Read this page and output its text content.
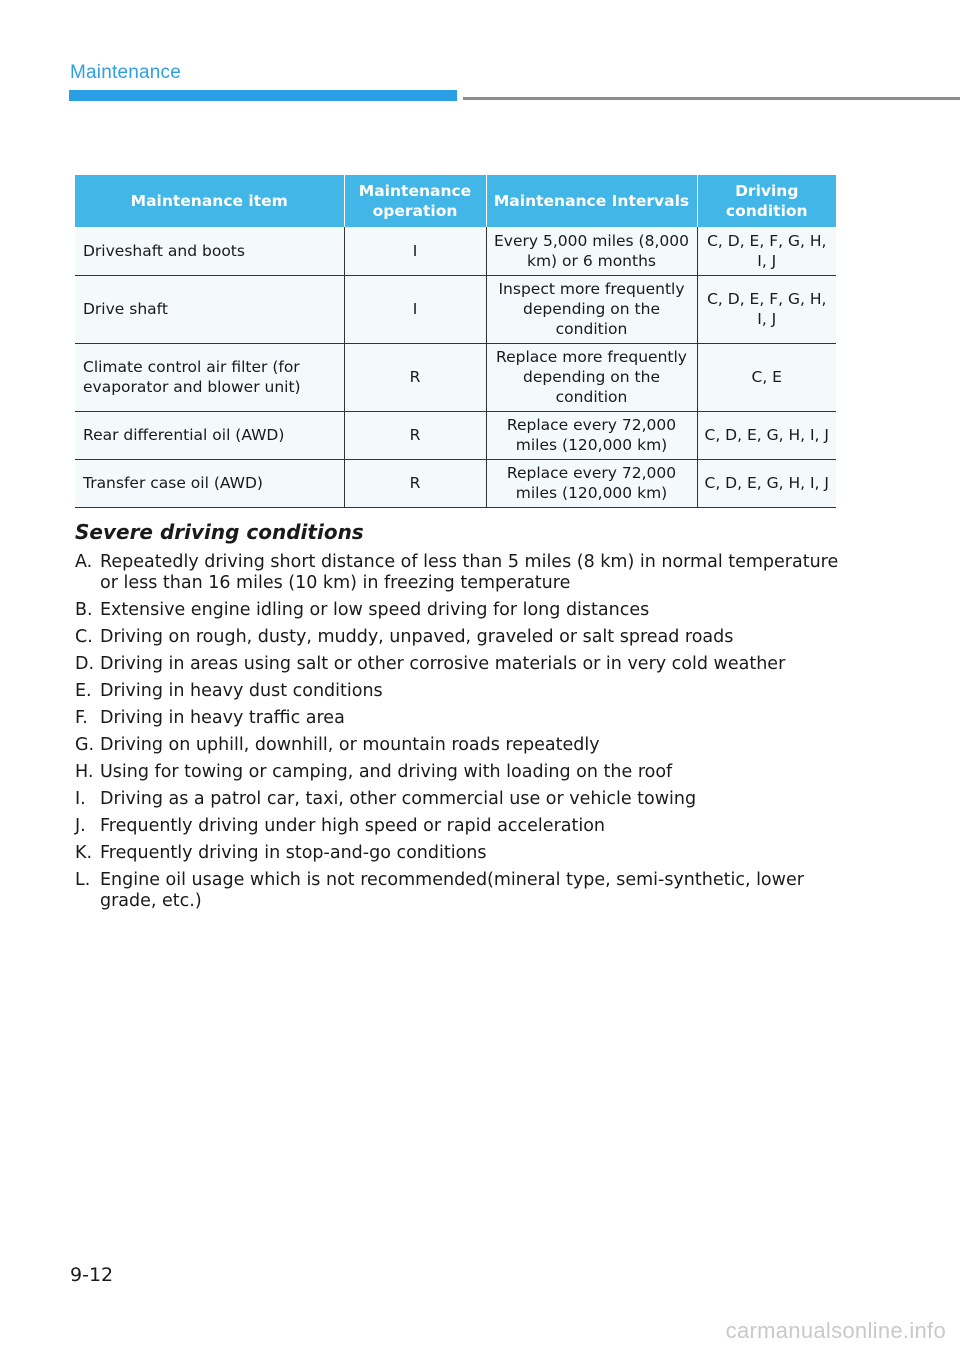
Maintenance
Maintenance item	Maintenance operation	Maintenance Intervals	Driving condition
Driveshaft and boots	I	Every 5,000 miles (8,000 km) or 6 months	C, D, E, F, G, H, I, J
Drive shaft	I	Inspect more frequently depending on the condition	C, D, E, F, G, H, I, J
Climate control air filter (for evaporator and blower unit)	R	Replace more frequently depending on the condition	C, E
Rear differential oil (AWD)	R	Replace every 72,000 miles (120,000 km)	C, D, E, G, H, I, J
Transfer case oil (AWD)	R	Replace every 72,000 miles (120,000 km)	C, D, E, G, H, I, J
Severe driving conditions
A. Repeatedly driving short distance of less than 5 miles (8 km) in normal temperature or less than 16 miles (10 km) in freezing temperature
B. Extensive engine idling or low speed driving for long distances
C. Driving on rough, dusty, muddy, unpaved, graveled or salt spread roads
D. Driving in areas using salt or other corrosive materials or in very cold weather
E. Driving in heavy dust conditions
F. Driving in heavy traffic area
G. Driving on uphill, downhill, or mountain roads repeatedly
H. Using for towing or camping, and driving with loading on the roof
I. Driving as a patrol car, taxi, other commercial use or vehicle towing
J. Frequently driving under high speed or rapid acceleration
K. Frequently driving in stop-and-go conditions
L. Engine oil usage which is not recommended(mineral type, semi-synthetic, lower grade, etc.)
9-12
carmanualsonline.info
